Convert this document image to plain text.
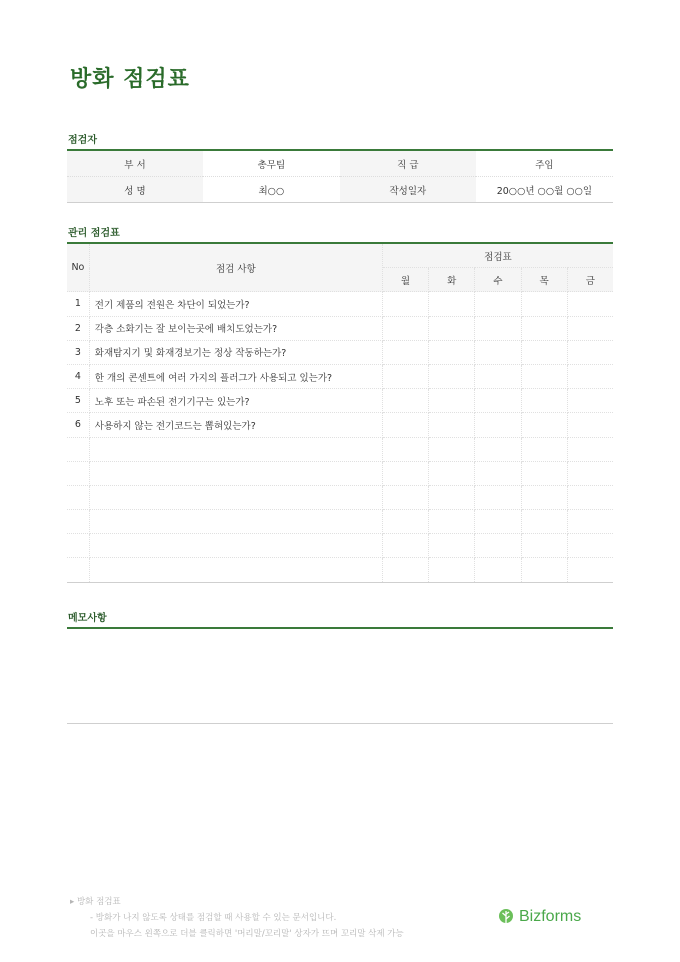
방화 점검표
점검자
부 서	총무팀	직 급	주임
성 명	최○○	작성일자	20○○년 ○○월 ○○일
관리 점검표
No	점검 사항	점검표				
		월	화	수	목	금
1	전기 제품의 전원은 차단이 되었는가?					
2	각층 소화기는 잘 보이는곳에 배치도었는가?					
3	화재탐지기 및 화재경보기는 정상 작동하는가?					
4	한 개의 콘센트에 여러 가지의 플러그가 사용되고 있는가?					
5	노후 또는 파손된 전기기구는 있는가?					
6	사용하지 않는 전기코드는 뽑혀있는가?					

메모사항
▸ 방화 점검표
- 방화가 나지 않도록 상태를 점검할 때 사용할 수 있는 문서입니다.
이곳을 마우스 왼쪽으로 더블 클릭하면 '머리말/꼬리말' 상자가 뜨며 꼬리말 삭제 가능
Bizforms
